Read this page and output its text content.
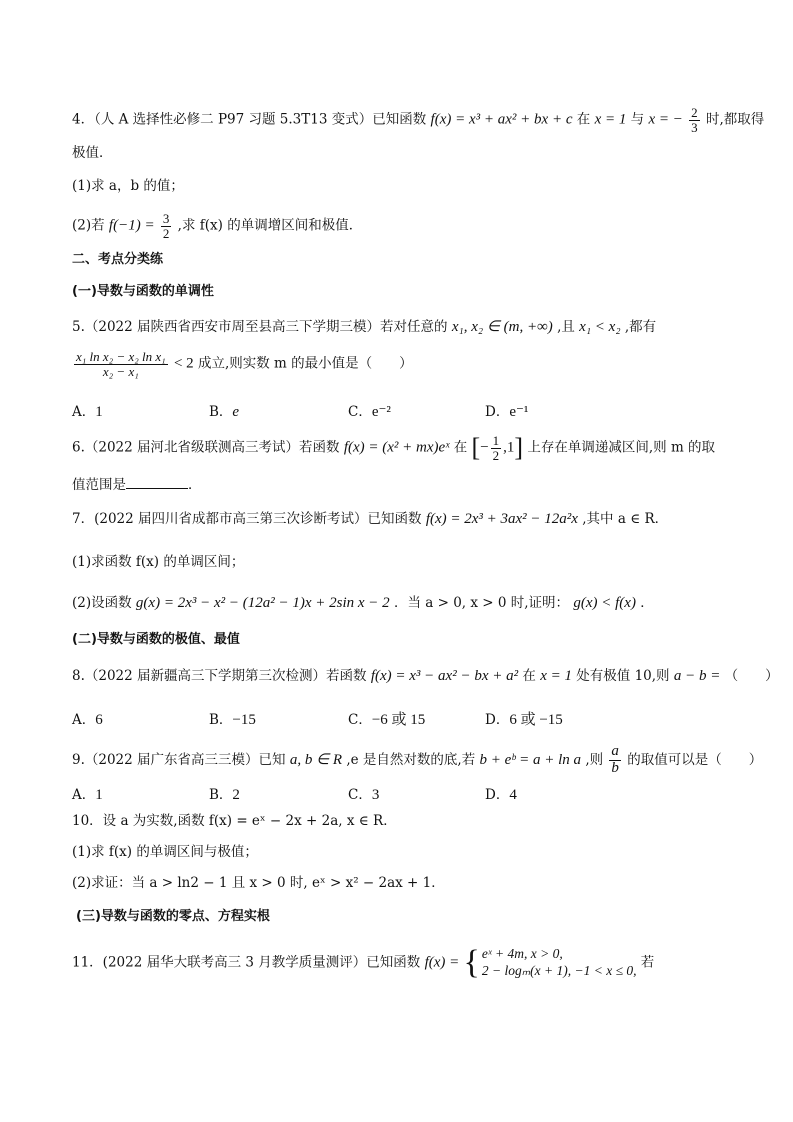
4．（人 A 选择性必修二 P97 习题 5.3T13 变式）已知函数 f(x) = x³ + ax² + bx + c 在 x = 1 与 x = − $\frac{2}{3}$ 时,都取得
极值．
(1)求 a，b 的值；
(2)若 $f(-1) = \frac{3}{2}$ ,求 f(x) 的单调增区间和极值．
二、考点分类练
(一)导数与函数的单调性
5.（2022 届陕西省西安市周至县高三下学期三模）若对任意的 x₁, x₂ ∈ (m, +∞) ,且 x₁ < x₂ ,都有
$\frac{\text{x₁ ln x₂ − x₂ ln x₁}}{\text{x₂ − x₁}} < 2$ 成立,则实数 m 的最小值是（　　）
A．1	B．e	C．e⁻²	D．e⁻¹
6.（2022 届河北省级联测高三考试）若函数 f(x) = (x² + mx)eˣ 在 [− $\frac{1}{2} ,1$] 上存在单调递减区间,则 m 的取
值范围是	．
7．(2022 届四川省成都市高三第三次诊断考试）已知函数 f(x) = 2x³ + 3ax² − 12a²x ,其中 a ∈ R．
(1)求函数 f(x) 的单调区间；
(2)设函数 g(x) = 2x³ − x² − (12a² − 1)x + 2sin x − 2 ．当 a > 0, x > 0 时,证明： g(x) < f(x) ．
(二)导数与函数的极值、最值
8.（2022 届新疆高三下学期第三次检测）若函数 f(x) = x³ − ax² − bx + a² 在 x = 1 处有极值 10,则 a − b = （　　）
A．6	B．−15	C．−6 或 15	D．6 或 −15
9.（2022 届广东省高三三模）已知 a, b ∈ R ,e 是自然对数的底,若 b + eᵇ = a + ln a ,则 $\frac{a}{b}$ 的取值可以是（　　）
A．1	B．2	C．3	D．4
10．设 a 为实数,函数 f(x) = eˣ − 2x + 2a, x ∈ R．
(1)求 f(x) 的单调区间与极值；
(2)求证：当 a > ln2 − 1 且 x > 0 时, eˣ > x² − 2ax + 1．
(三)导数与函数的零点、方程实根
11．(2022 届华大联考高三 3 月教学质量测评）已知函数 f(x) = { eˣ + 4m, x > 0,
2 − logₘ(x + 1), −1 < x ≤ 0, 若
